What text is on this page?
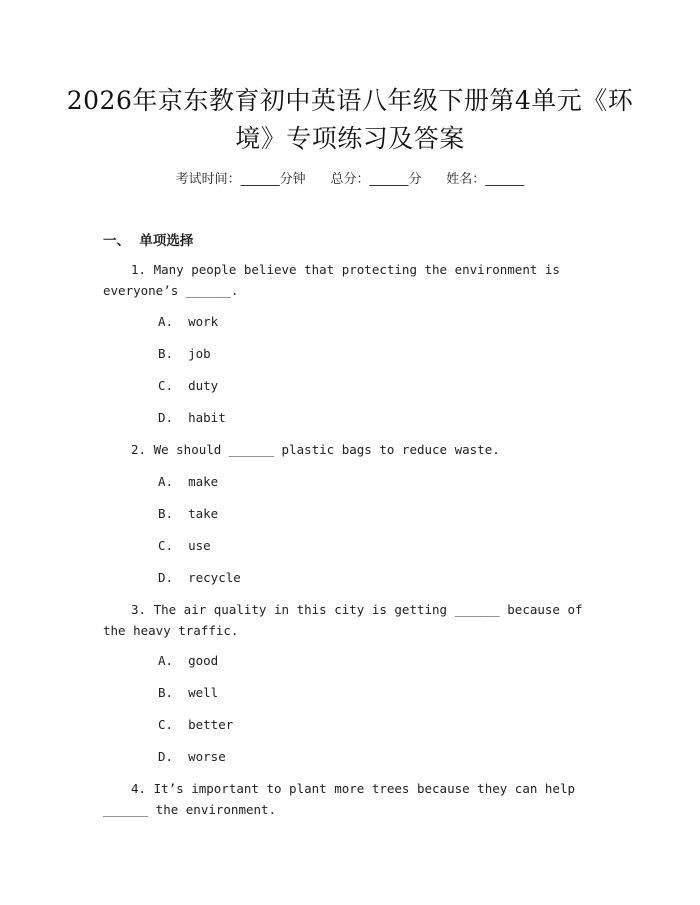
2026年京东教育初中英语八年级下册第4单元《环境》专项练习及答案
考试时间：______分钟 总分：______分 姓名：______
一、  单项选择
1. Many people believe that protecting the environment is everyone’s ______.
A.  work
B.  job
C.  duty
D.  habit
2. We should ______ plastic bags to reduce waste.
A.  make
B.  take
C.  use
D.  recycle
3. The air quality in this city is getting ______ because of the heavy traffic.
A.  good
B.  well
C.  better
D.  worse
4. It’s important to plant more trees because they can help ______ the environment.
